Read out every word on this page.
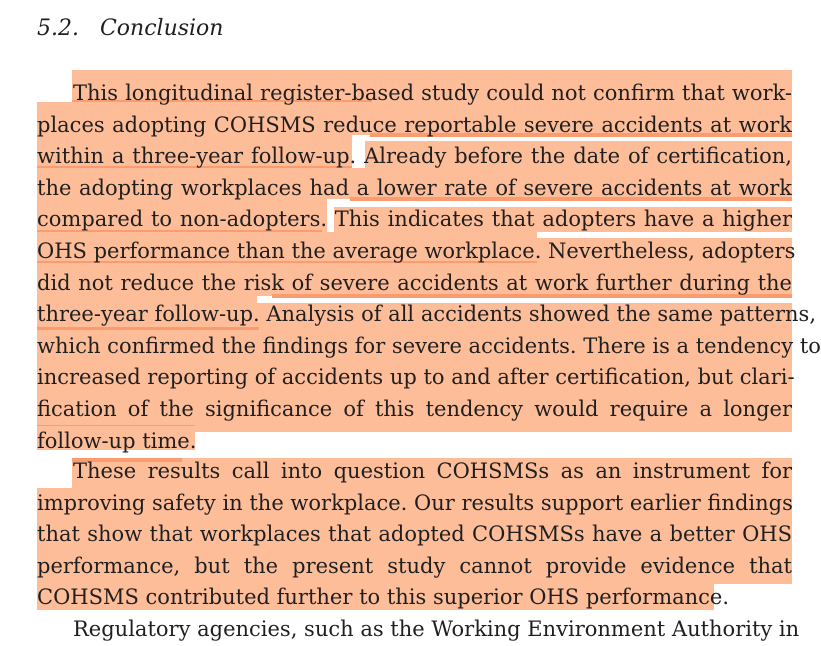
5.2.   Conclusion
This longitudinal register-based study could not confirm that work-
places adopting COHSMS reduce reportable severe accidents at work
within a three-year follow-up. Already before the date of certification,
the adopting workplaces had a lower rate of severe accidents at work
compared to non-adopters. This indicates that adopters have a higher
OHS performance than the average workplace. Nevertheless, adopters
did not reduce the risk of severe accidents at work further during the
three-year follow-up. Analysis of all accidents showed the same patterns,
which confirmed the findings for severe accidents. There is a tendency to
increased reporting of accidents up to and after certification, but clari-
fication of the significance of this tendency would require a longer
follow-up time.
These results call into question COHSMSs as an instrument for
improving safety in the workplace. Our results support earlier findings
that show that workplaces that adopted COHSMSs have a better OHS
performance, but the present study cannot provide evidence that
COHSMS contributed further to this superior OHS performance.
Regulatory agencies, such as the Working Environment Authority in
